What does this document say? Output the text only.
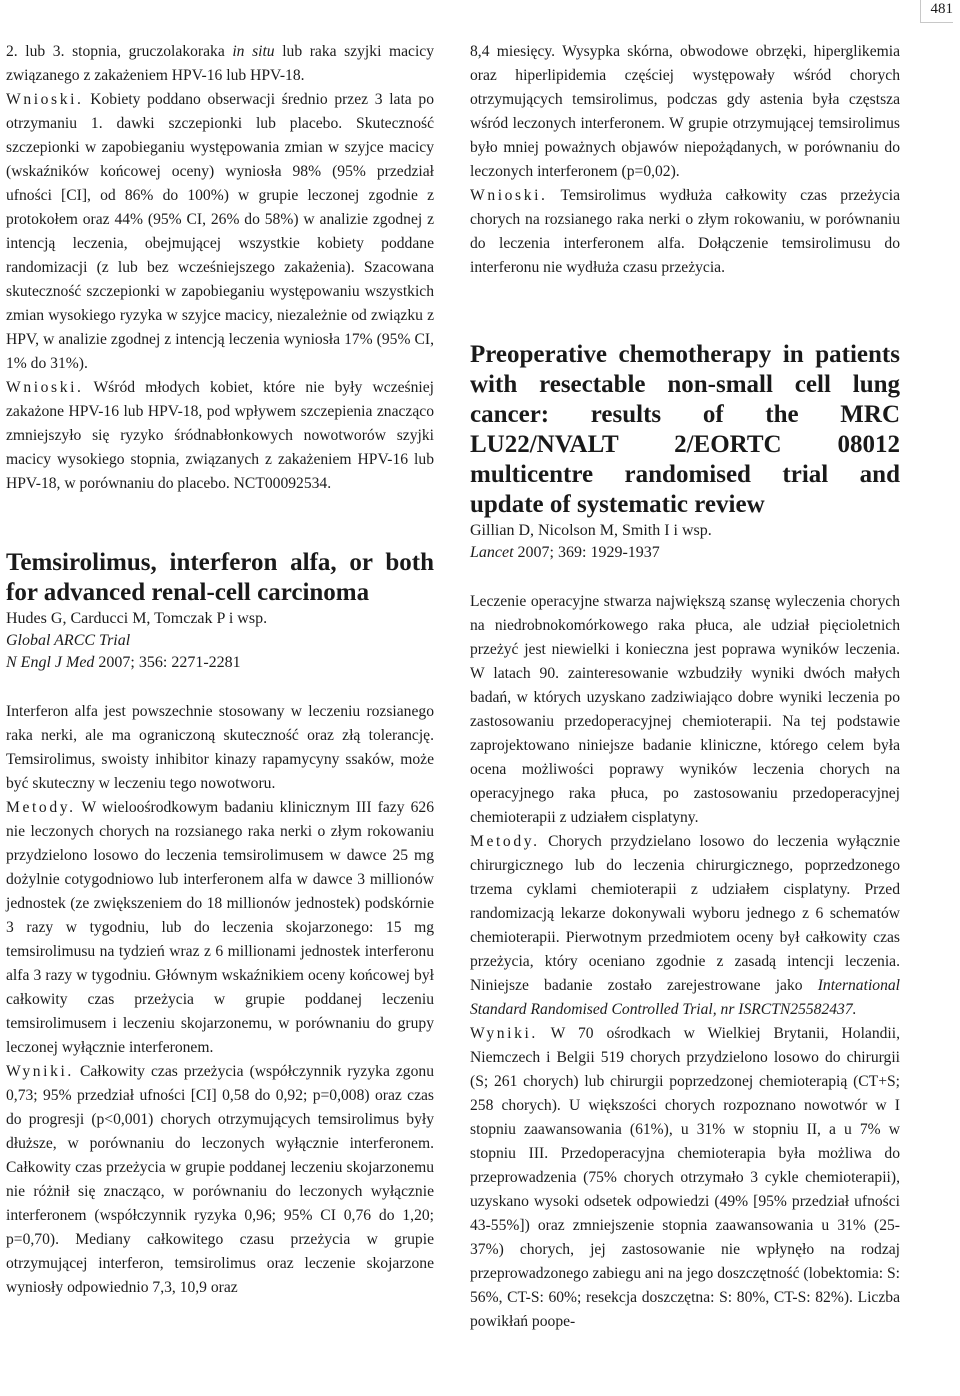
481

2. lub 3. stopnia, gruczolakoraka in situ lub raka szyjki macicy związanego z zakażeniem HPV-16 lub HPV-18.

Wnioski. Kobiety poddano obserwacji średnio przez 3 lata po otrzymaniu 1. dawki szczepionki lub placebo. Skuteczność szczepionki w zapobieganiu występowania zmian w szyjce macicy (wskaźników końcowej oceny) wyniosła 98% (95% przedział ufności [CI], od 86% do 100%) w grupie leczonej zgodnie z protokołem oraz 44% (95% CI, 26% do 58%) w analizie zgodnej z intencją leczenia, obejmującej wszystkie kobiety poddane randomizacji (z lub bez wcześniejszego zakażenia). Szacowana skuteczność szczepionki w zapobieganiu występowaniu wszystkich zmian wysokiego ryzyka w szyjce macicy, niezależnie od związku z HPV, w analizie zgodnej z intencją leczenia wyniosła 17% (95% CI, 1% do 31%).

Wnioski. Wśród młodych kobiet, które nie były wcześniej zakażone HPV-16 lub HPV-18, pod wpływem szczepienia znacząco zmniejszyło się ryzyko śródnabłonkowych nowotworów szyjki macicy wysokiego stopnia, związanych z zakażeniem HPV-16 lub HPV-18, w porównaniu do placebo. NCT00092534.

Temsirolimus, interferon alfa, or both for advanced renal-cell carcinoma
Hudes G, Carducci M, Tomczak P i wsp.
Global ARCC Trial
N Engl J Med 2007; 356: 2271-2281

Interferon alfa jest powszechnie stosowany w leczeniu rozsianego raka nerki, ale ma ograniczoną skuteczność oraz złą tolerancję. Temsirolimus, swoisty inhibitor kinazy rapamycyny ssaków, może być skuteczny w leczeniu tego nowotworu.

Metody. W wieloośrodkowym badaniu klinicznym III fazy 626 nie leczonych chorych na rozsianego raka nerki o złym rokowaniu przydzielono losowo do leczenia temsirolimusem w dawce 25 mg dożylnie cotygodniowo lub interferonem alfa w dawce 3 millionów jednostek (ze zwiększeniem do 18 millionów jednostek) podskórnie 3 razy w tygodniu, lub do leczenia skojarzonego: 15 mg temsirolimusu na tydzień wraz z 6 millionami jednostek interferonu alfa 3 razy w tygodniu. Głównym wskaźnikiem oceny końcowej był całkowity czas przeżycia w grupie poddanej leczeniu temsirolimusem i leczeniu skojarzonemu, w porównaniu do grupy leczonej wyłącznie interferonem.

Wyniki. Całkowity czas przeżycia (współczynnik ryzyka zgonu 0,73; 95% przedział ufności [CI] 0,58 do 0,92; p=0,008) oraz czas do progresji (p<0,001) chorych otrzymujących temsirolimus były dłuższe, w porównaniu do leczonych wyłącznie interferonem. Całkowity czas przeżycia w grupie poddanej leczeniu skojarzonemu nie różnił się znacząco, w porównaniu do leczonych wyłącznie interferonem (współczynnik ryzyka 0,96; 95% CI 0,76 do 1,20; p=0,70). Mediany całkowitego czasu przeżycia w grupie otrzymującej interferon, temsirolimus oraz leczenie skojarzone wyniosły odpowiednio 7,3, 10,9 oraz

8,4 miesięcy. Wysypka skórna, obwodowe obrzęki, hiperglikemia oraz hiperlipidemia częściej występowały wśród chorych otrzymujących temsirolimus, podczas gdy astenia była częstsza wśród leczonych interferonem. W grupie otrzymującej temsirolimus było mniej poważnych objawów niepożądanych, w porównaniu do leczonych interferonem (p=0,02).

Wnioski. Temsirolimus wydłuża całkowity czas przeżycia chorych na rozsianego raka nerki o złym rokowaniu, w porównaniu do leczenia interferonem alfa. Dołączenie temsirolimusu do interferonu nie wydłuża czasu przeżycia.

Preoperative chemotherapy in patients with resectable non-small cell lung cancer: results of the MRC LU22/NVALT 2/EORTC 08012 multicentre randomised trial and update of systematic review
Gillian D, Nicolson M, Smith I i wsp.
Lancet 2007; 369: 1929-1937

Leczenie operacyjne stwarza największą szansę wyleczenia chorych na niedrobnokomórkowego raka płuca, ale udział pięcioletnich przeżyć jest niewielki i konieczna jest poprawa wyników leczenia. W latach 90. zainteresowanie wzbudziły wyniki dwóch małych badań, w których uzyskano zadziwiająco dobre wyniki leczenia po zastosowaniu przedoperacyjnej chemioterapii. Na tej podstawie zaprojektowano niniejsze badanie kliniczne, którego celem była ocena możliwości poprawy wyników leczenia chorych na operacyjnego raka płuca, po zastosowaniu przedoperacyjnej chemioterapii z udziałem cisplatyny.

Metody. Chorych przydzielano losowo do leczenia wyłącznie chirurgicznego lub do leczenia chirurgicznego, poprzedzonego trzema cyklami chemioterapii z udziałem cisplatyny. Przed randomizacją lekarze dokonywali wyboru jednego z 6 schematów chemioterapii. Pierwotnym przedmiotem oceny był całkowity czas przeżycia, który oceniano zgodnie z zasadą intencji leczenia. Niniejsze badanie zostało zarejestrowane jako International Standard Randomised Controlled Trial, nr ISRCTN25582437.

Wyniki. W 70 ośrodkach w Wielkiej Brytanii, Holandii, Niemczech i Belgii 519 chorych przydzielono losowo do chirurgii (S; 261 chorych) lub chirurgii poprzedzonej chemioterapią (CT+S; 258 chorych). U większości chorych rozpoznano nowotwór w I stopniu zaawansowania (61%), u 31% w stopniu II, a u 7% w stopniu III. Przedoperacyjna chemioterapia była możliwa do przeprowadzenia (75% chorych otrzymało 3 cykle chemioterapii), uzyskano wysoki odsetek odpowiedzi (49% [95% przedział ufności 43-55%]) oraz zmniejszenie stopnia zaawansowania u 31% (25-37%) chorych, jej zastosowanie nie wpłynęło na rodzaj przeprowadzonego zabiegu ani na jego doszczętność (lobektomia: S: 56%, CT-S: 60%; resekcja doszczętna: S: 80%, CT-S: 82%). Liczba powikłań poope-
